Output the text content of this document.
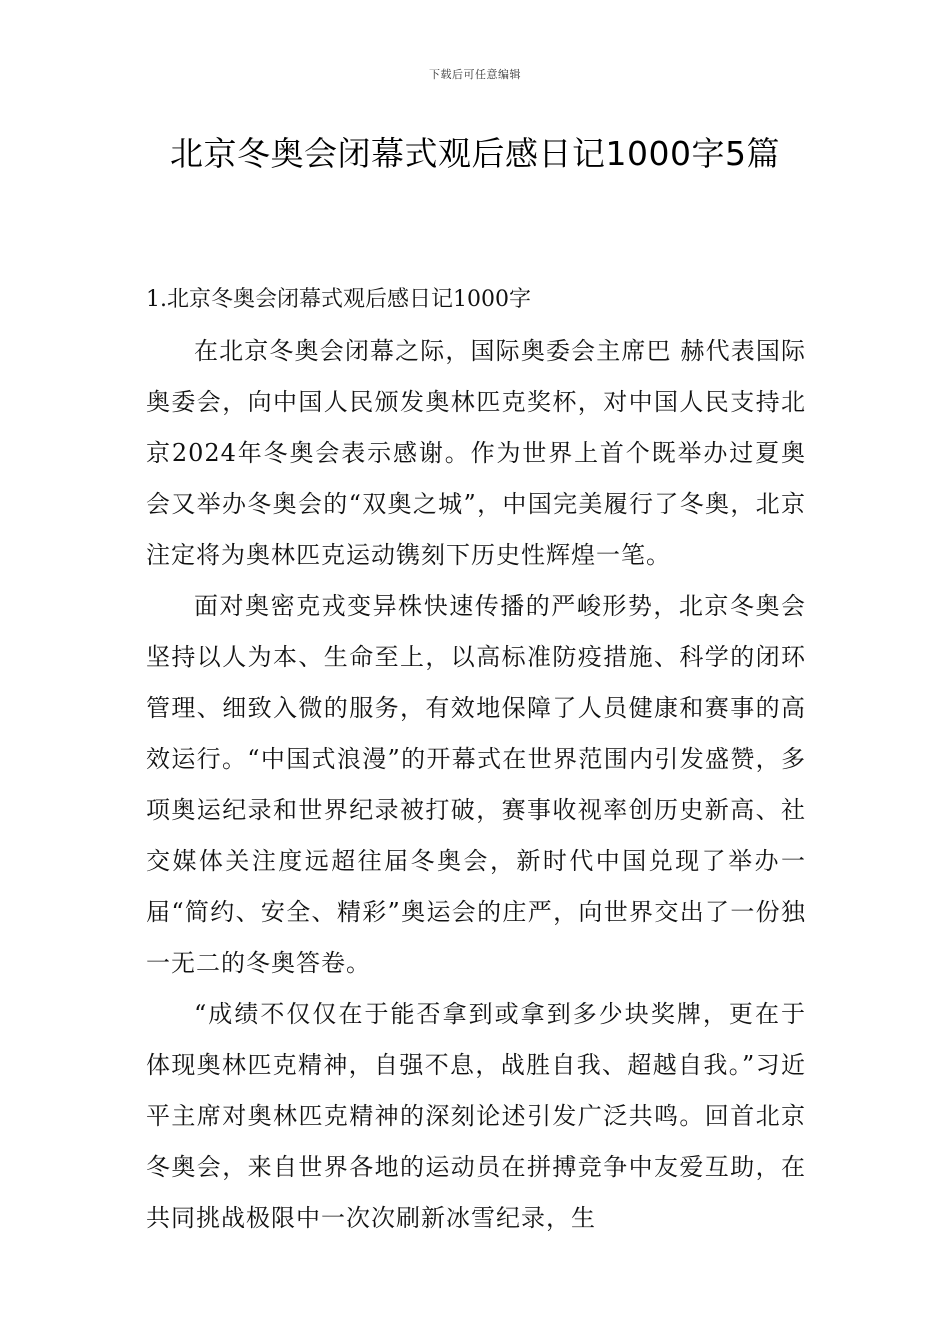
下载后可任意编辑
北京冬奥会闭幕式观后感日记1000字5篇
1.北京冬奥会闭幕式观后感日记1000字

在北京冬奥会闭幕之际，国际奥委会主席巴 赫代表国际奥委会，向中国人民颁发奥林匹克奖杯，对中国人民支持北京2024年冬奥会表示感谢。作为世界上首个既举办过夏奥会又举办冬奥会的“双奥之城”，中国完美履行了冬奥，北京注定将为奥林匹克运动镌刻下历史性辉煌一笔。

面对奥密克戎变异株快速传播的严峻形势，北京冬奥会坚持以人为本、生命至上，以高标准防疫措施、科学的闭环管理、细致入微的服务，有效地保障了人员健康和赛事的高效运行。“中国式浪漫”的开幕式在世界范围内引发盛赞，多项奥运纪录和世界纪录被打破，赛事收视率创历史新高、社交媒体关注度远超往届冬奥会，新时代中国兑现了举办一届“简约、安全、精彩”奥运会的庄严，向世界交出了一份独一无二的冬奥答卷。

“成绩不仅仅在于能否拿到或拿到多少块奖牌，更在于体现奥林匹克精神，自强不息，战胜自我、超越自我。”习近平主席对奥林匹克精神的深刻论述引发广泛共鸣。回首北京冬奥会，来自世界各地的运动员在拼搏竞争中友爱互助，在共同挑战极限中一次次刷新冰雪纪录，生
